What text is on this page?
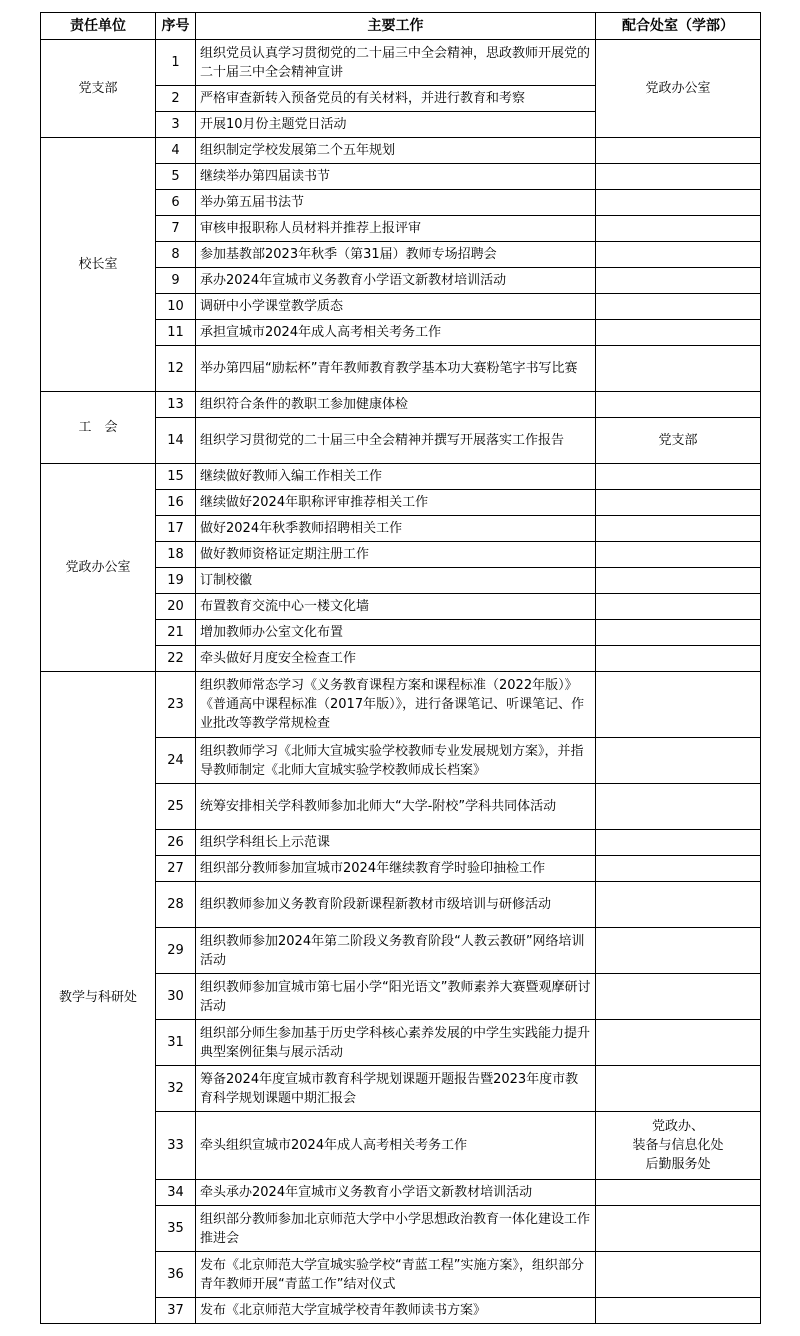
责任单位	序号	主要工作	配合处室（学部）
党支部	1	组织党员认真学习贯彻党的二十届三中全会精神，思政教师开展党的二十届三中全会精神宣讲	党政办公室
	2	严格审查新转入预备党员的有关材料，并进行教育和考察	
	3	开展10月份主题党日活动	
校长室	4	组织制定学校发展第二个五年规划	
	5	继续举办第四届读书节	
	6	举办第五届书法节	
	7	审核申报职称人员材料并推荐上报评审	
	8	参加基教部2023年秋季（第31届）教师专场招聘会	
	9	承办2024年宣城市义务教育小学语文新教材培训活动	
	10	调研中小学课堂教学质态	
	11	承担宣城市2024年成人高考相关考务工作	
	12	举办第四届“励耘杯”青年教师教育教学基本功大赛粉笔字书写比赛	
工　会	13	组织符合条件的教职工参加健康体检	
	14	组织学习贯彻党的二十届三中全会精神并撰写开展落实工作报告	党支部
党政办公室	15	继续做好教师入编工作相关工作	
	16	继续做好2024年职称评审推荐相关工作	
	17	做好2024年秋季教师招聘相关工作	
	18	做好教师资格证定期注册工作	
	19	订制校徽	
	20	布置教育交流中心一楼文化墙	
	21	增加教师办公室文化布置	
	22	牵头做好月度安全检查工作	
教学与科研处	23	组织教师常态学习《义务教育课程方案和课程标准（2022年版）》《普通高中课程标准（2017年版）》，进行备课笔记、听课笔记、作业批改等教学常规检查	
	24	组织教师学习《北师大宣城实验学校教师专业发展规划方案》，并指导教师制定《北师大宣城实验学校教师成长档案》	
	25	统筹安排相关学科教师参加北师大“大学-附校”学科共同体活动	
	26	组织学科组长上示范课	
	27	组织部分教师参加宣城市2024年继续教育学时验印抽检工作	
	28	组织教师参加义务教育阶段新课程新教材市级培训与研修活动	
	29	组织教师参加2024年第二阶段义务教育阶段“人教云教研”网络培训活动	
	30	组织教师参加宣城市第七届小学“阳光语文”教师素养大赛暨观摩研讨活动	
	31	组织部分师生参加基于历史学科核心素养发展的中学生实践能力提升典型案例征集与展示活动	
	32	筹备2024年度宣城市教育科学规划课题开题报告暨2023年度市教育科学规划课题中期汇报会	
	33	牵头组织宣城市2024年成人高考相关考务工作	党政办、
装备与信息化处
后勤服务处
	34	牵头承办2024年宣城市义务教育小学语文新教材培训活动	
	35	组织部分教师参加北京师范大学中小学思想政治教育一体化建设工作推进会	
	36	发布《北京师范大学宣城实验学校“青蓝工程”实施方案》，组织部分青年教师开展“青蓝工作”结对仪式	
	37	发布《北京师范大学宣城学校青年教师读书方案》	
